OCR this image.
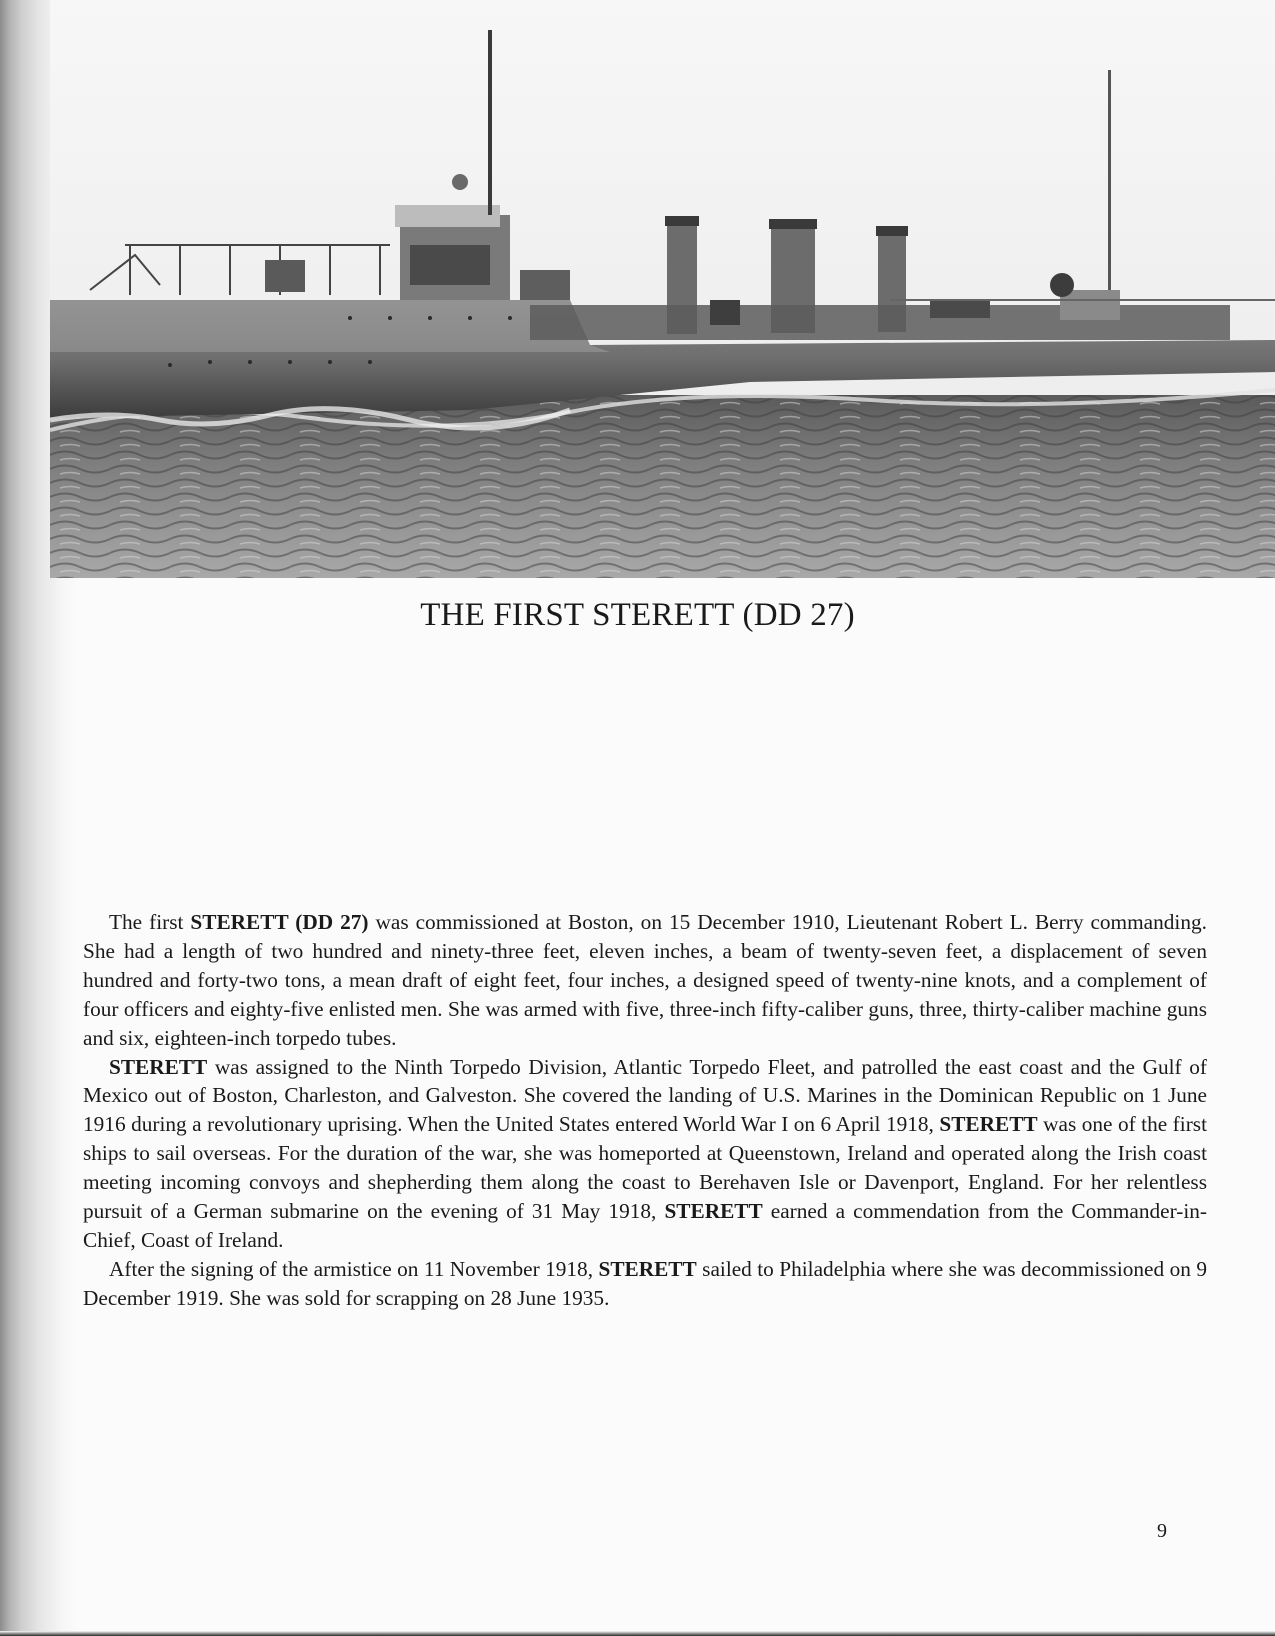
THE FIRST STERETT (DD 27)

The first STERETT (DD 27) was commissioned at Boston, on 15 December 1910, Lieutenant Robert L. Berry commanding. She had a length of two hundred and ninety-three feet, eleven inches, a beam of twenty-seven feet, a displacement of seven hundred and forty-two tons, a mean draft of eight feet, four inches, a designed speed of twenty-nine knots, and a complement of four officers and eighty-five enlisted men. She was armed with five, three-inch fifty-caliber guns, three, thirty-caliber machine guns and six, eighteen-inch torpedo tubes.

STERETT was assigned to the Ninth Torpedo Division, Atlantic Torpedo Fleet, and patrolled the east coast and the Gulf of Mexico out of Boston, Charleston, and Galveston. She covered the landing of U.S. Marines in the Dominican Republic on 1 June 1916 during a revolutionary uprising. When the United States entered World War I on 6 April 1918, STERETT was one of the first ships to sail overseas. For the duration of the war, she was homeported at Queenstown, Ireland and operated along the Irish coast meeting incoming convoys and shepherding them along the coast to Berehaven Isle or Davenport, England. For her relentless pursuit of a German submarine on the evening of 31 May 1918, STERETT earned a commendation from the Commander-in-Chief, Coast of Ireland.

After the signing of the armistice on 11 November 1918, STERETT sailed to Philadelphia where she was decommissioned on 9 December 1919. She was sold for scrapping on 28 June 1935.

9
